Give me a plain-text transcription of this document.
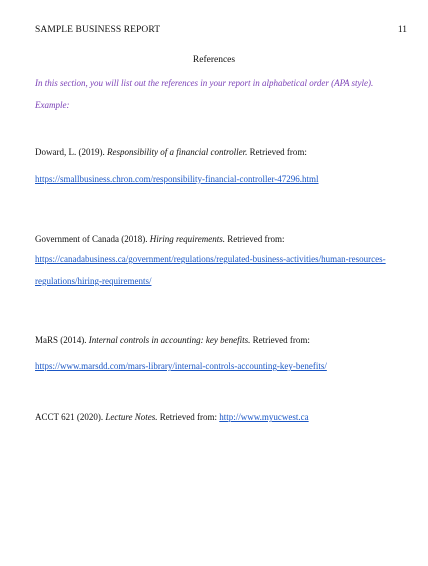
SAMPLE BUSINESS REPORT	11
References
In this section, you will list out the references in your report in alphabetical order (APA style).
Example:
Doward, L. (2019). Responsibility of a financial controller. Retrieved from:
https://smallbusiness.chron.com/responsibility-financial-controller-47296.html
Government of Canada (2018). Hiring requirements. Retrieved from:
https://canadabusiness.ca/government/regulations/regulated-business-activities/human-resources-
regulations/hiring-requirements/
MaRS (2014). Internal controls in accounting: key benefits. Retrieved from:
https://www.marsdd.com/mars-library/internal-controls-accounting-key-benefits/
ACCT 621 (2020). Lecture Notes. Retrieved from: http://www.myucwest.ca
